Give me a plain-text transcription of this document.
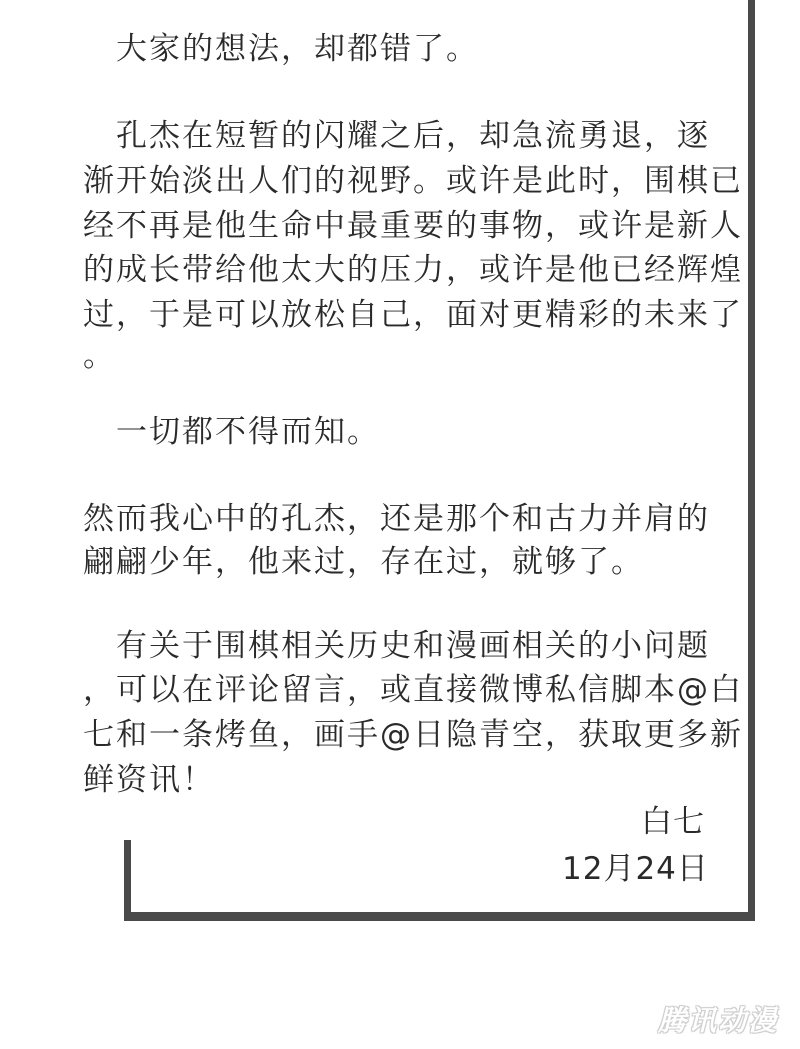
　大家的想法，却都错了。
　孔杰在短暂的闪耀之后，却急流勇退，逐
渐开始淡出人们的视野。或许是此时，围棋已
经不再是他生命中最重要的事物，或许是新人
的成长带给他太大的压力，或许是他已经辉煌
过，于是可以放松自己，面对更精彩的未来了
。
　一切都不得而知。
然而我心中的孔杰，还是那个和古力并肩的
翩翩少年，他来过，存在过，就够了。
　有关于围棋相关历史和漫画相关的小问题
，可以在评论留言，或直接微博私信脚本@白
七和一条烤鱼，画手@日隐青空，获取更多新
鲜资讯！
白七
12月24日
腾讯动漫
